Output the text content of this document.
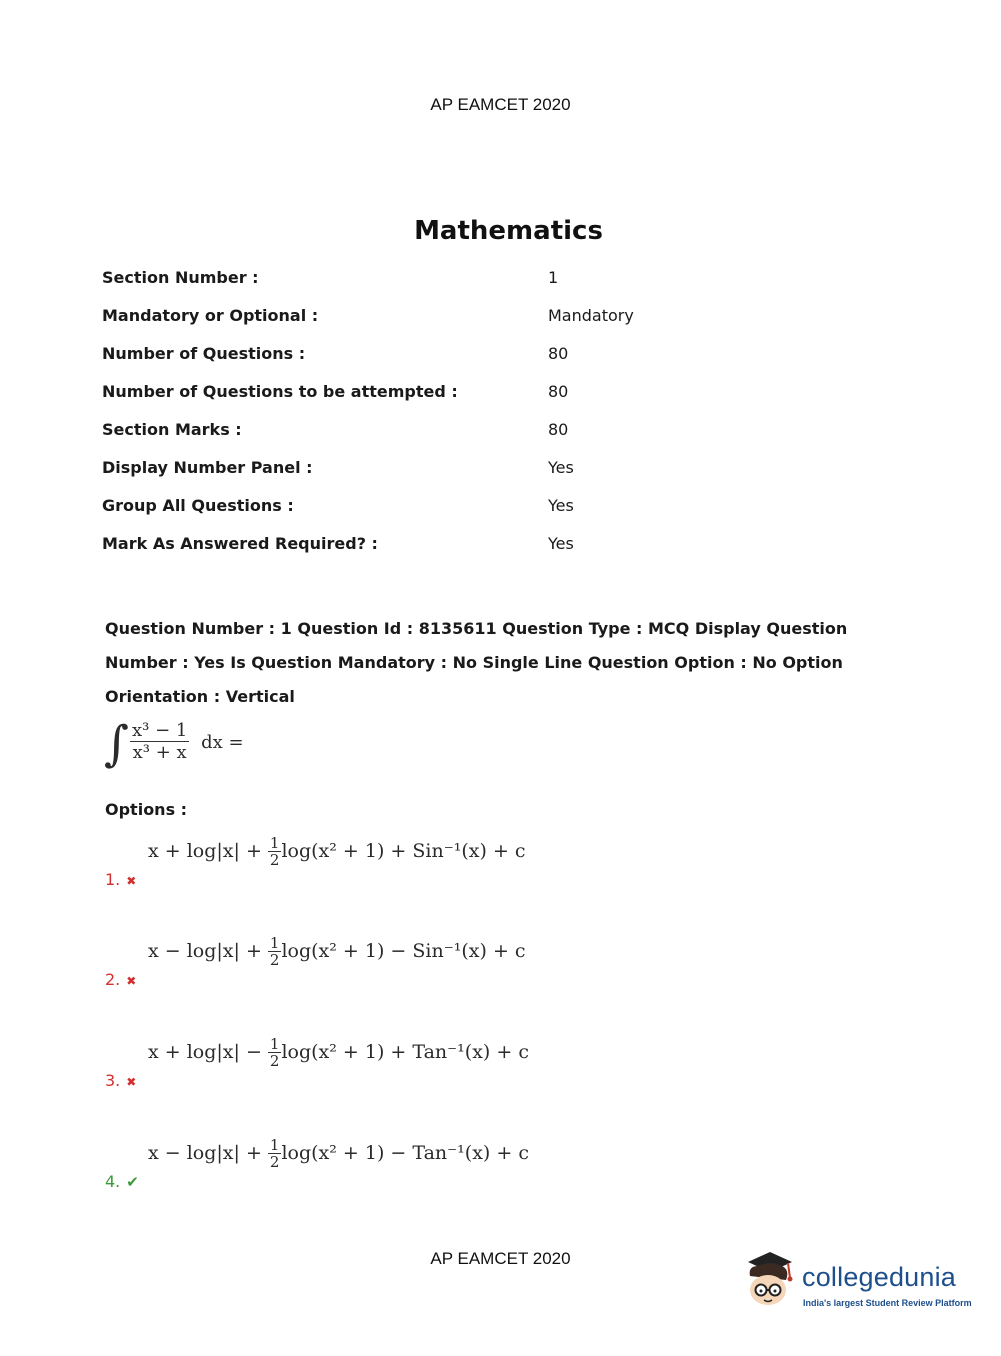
AP EAMCET 2020
Mathematics
Section Number :	1
Mandatory or Optional :	Mandatory
Number of Questions :	80
Number of Questions to be attempted :	80
Section Marks :	80
Display Number Panel :	Yes
Group All Questions :	Yes
Mark As Answered Required? :	Yes
Question Number : 1 Question Id : 8135611 Question Type : MCQ Display Question Number : Yes Is Question Mandatory : No Single Line Question Option : No Option Orientation : Vertical
∫ $\frac{\text{x³ − 1}}{\text{x³ + x}}$ dx =
Options :
$x + \log|x| + \frac{1}{2} \log(x^2 + 1) + Sin^{-1}(x) + c$
1. ✖
$x - \log|x| + \frac{1}{2} \log(x^2 + 1) - Sin^{-1}(x) + c$
2. ✖
$x + \log|x| - \frac{1}{2} \log(x^2 + 1) + Tan^{-1}(x) + c$
3. ✖
$x - \log|x| + \frac{1}{2} \log(x^2 + 1) - Tan^{-1}(x) + c$
4. ✔
AP EAMCET 2020
collegedunia
India's largest Student Review Platform
